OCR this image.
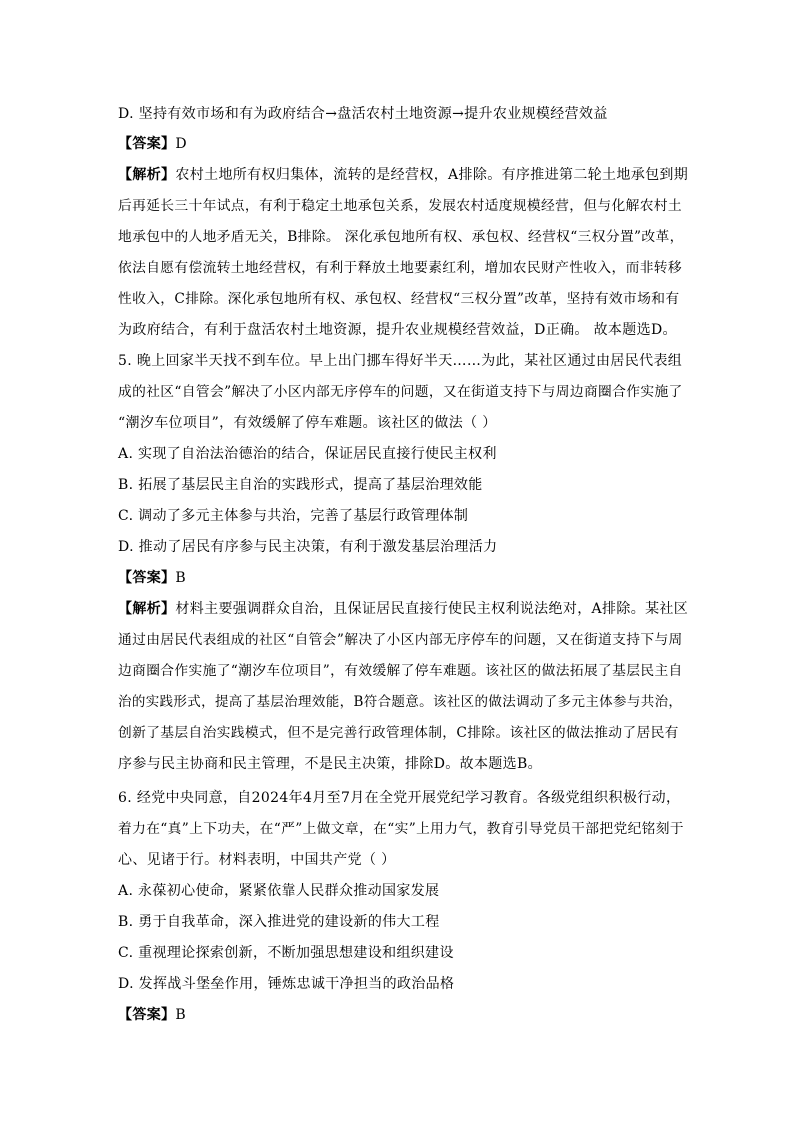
D. 坚持有效市场和有为政府结合→盘活农村土地资源→提升农业规模经营效益
【答案】D
【解析】农村土地所有权归集体，流转的是经营权，A排除。有序推进第二轮土地承包到期
后再延长三十年试点，有利于稳定土地承包关系，发展农村适度规模经营，但与化解农村土
地承包中的人地矛盾无关，B排除。 深化承包地所有权、承包权、经营权“三权分置”改革，
依法自愿有偿流转土地经营权，有利于释放土地要素红利，增加农民财产性收入，而非转移
性收入，C排除。深化承包地所有权、承包权、经营权“三权分置”改革，坚持有效市场和有
为政府结合，有利于盘活农村土地资源，提升农业规模经营效益，D正确。 故本题选D。
5. 晚上回家半天找不到车位。早上出门挪车得好半天……为此，某社区通过由居民代表组
成的社区“自管会”解决了小区内部无序停车的问题，又在街道支持下与周边商圈合作实施了
“潮汐车位项目”，有效缓解了停车难题。该社区的做法（ ）
A. 实现了自治法治德治的结合，保证居民直接行使民主权利
B. 拓展了基层民主自治的实践形式，提高了基层治理效能
C. 调动了多元主体参与共治，完善了基层行政管理体制
D. 推动了居民有序参与民主决策，有利于激发基层治理活力
【答案】B
【解析】材料主要强调群众自治，且保证居民直接行使民主权利说法绝对，A排除。某社区
通过由居民代表组成的社区“自管会”解决了小区内部无序停车的问题，又在街道支持下与周
边商圈合作实施了“潮汐车位项目”，有效缓解了停车难题。该社区的做法拓展了基层民主自
治的实践形式，提高了基层治理效能，B符合题意。该社区的做法调动了多元主体参与共治，
创新了基层自治实践模式，但不是完善行政管理体制，C排除。该社区的做法推动了居民有
序参与民主协商和民主管理，不是民主决策，排除D。故本题选B。
6. 经党中央同意，自2024年4月至7月在全党开展党纪学习教育。各级党组织积极行动，
着力在“真”上下功夫，在“严”上做文章，在“实”上用力气，教育引导党员干部把党纪铭刻于
心、见诸于行。材料表明，中国共产党（ ）
A. 永葆初心使命，紧紧依靠人民群众推动国家发展
B. 勇于自我革命，深入推进党的建设新的伟大工程
C. 重视理论探索创新，不断加强思想建设和组织建设
D. 发挥战斗堡垒作用，锤炼忠诚干净担当的政治品格
【答案】B
